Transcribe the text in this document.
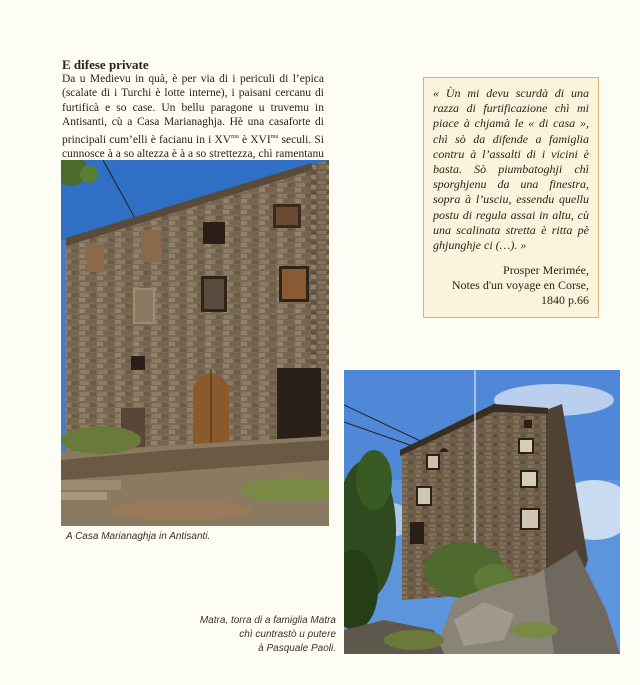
E difese private
Da u Medievu in quà, è per via di i periculi di l’epica (scalate di i Turchi è lotte interne), i paisani cercanu di furtificà e so case. Un bellu paragone u truvemu in Antisanti, cù a Casa Marianaghja. Hè una casaforte di principali cum’elli è facianu in i $XV^{mu}$ è $XVI^{mu}$ seculi. Si cunnosce à a so altezza è à a so strettezza, chì ramentanu
« Ùn mi devu scurdà di una razza di furtificazione chì mi piace à chjamà le « di casa », chì sò da difende a famiglia contru à l’assalti di i vicini è basta. Sò piumbatoghji chì sporghjenu da una finestra, sopra à l’usciu, essendu quellu postu di regula assai in altu, cù una scalinata stretta è ritta pè ghjunghje ci (…). »
Prosper Merimée,
Notes d'un voyage en Corse,
1840 p.66
A Casa Marianaghja in Antisanti.
Matra, torra di a famiglia Matra
chì cuntrastò u putere
à Pasquale Paoli.
